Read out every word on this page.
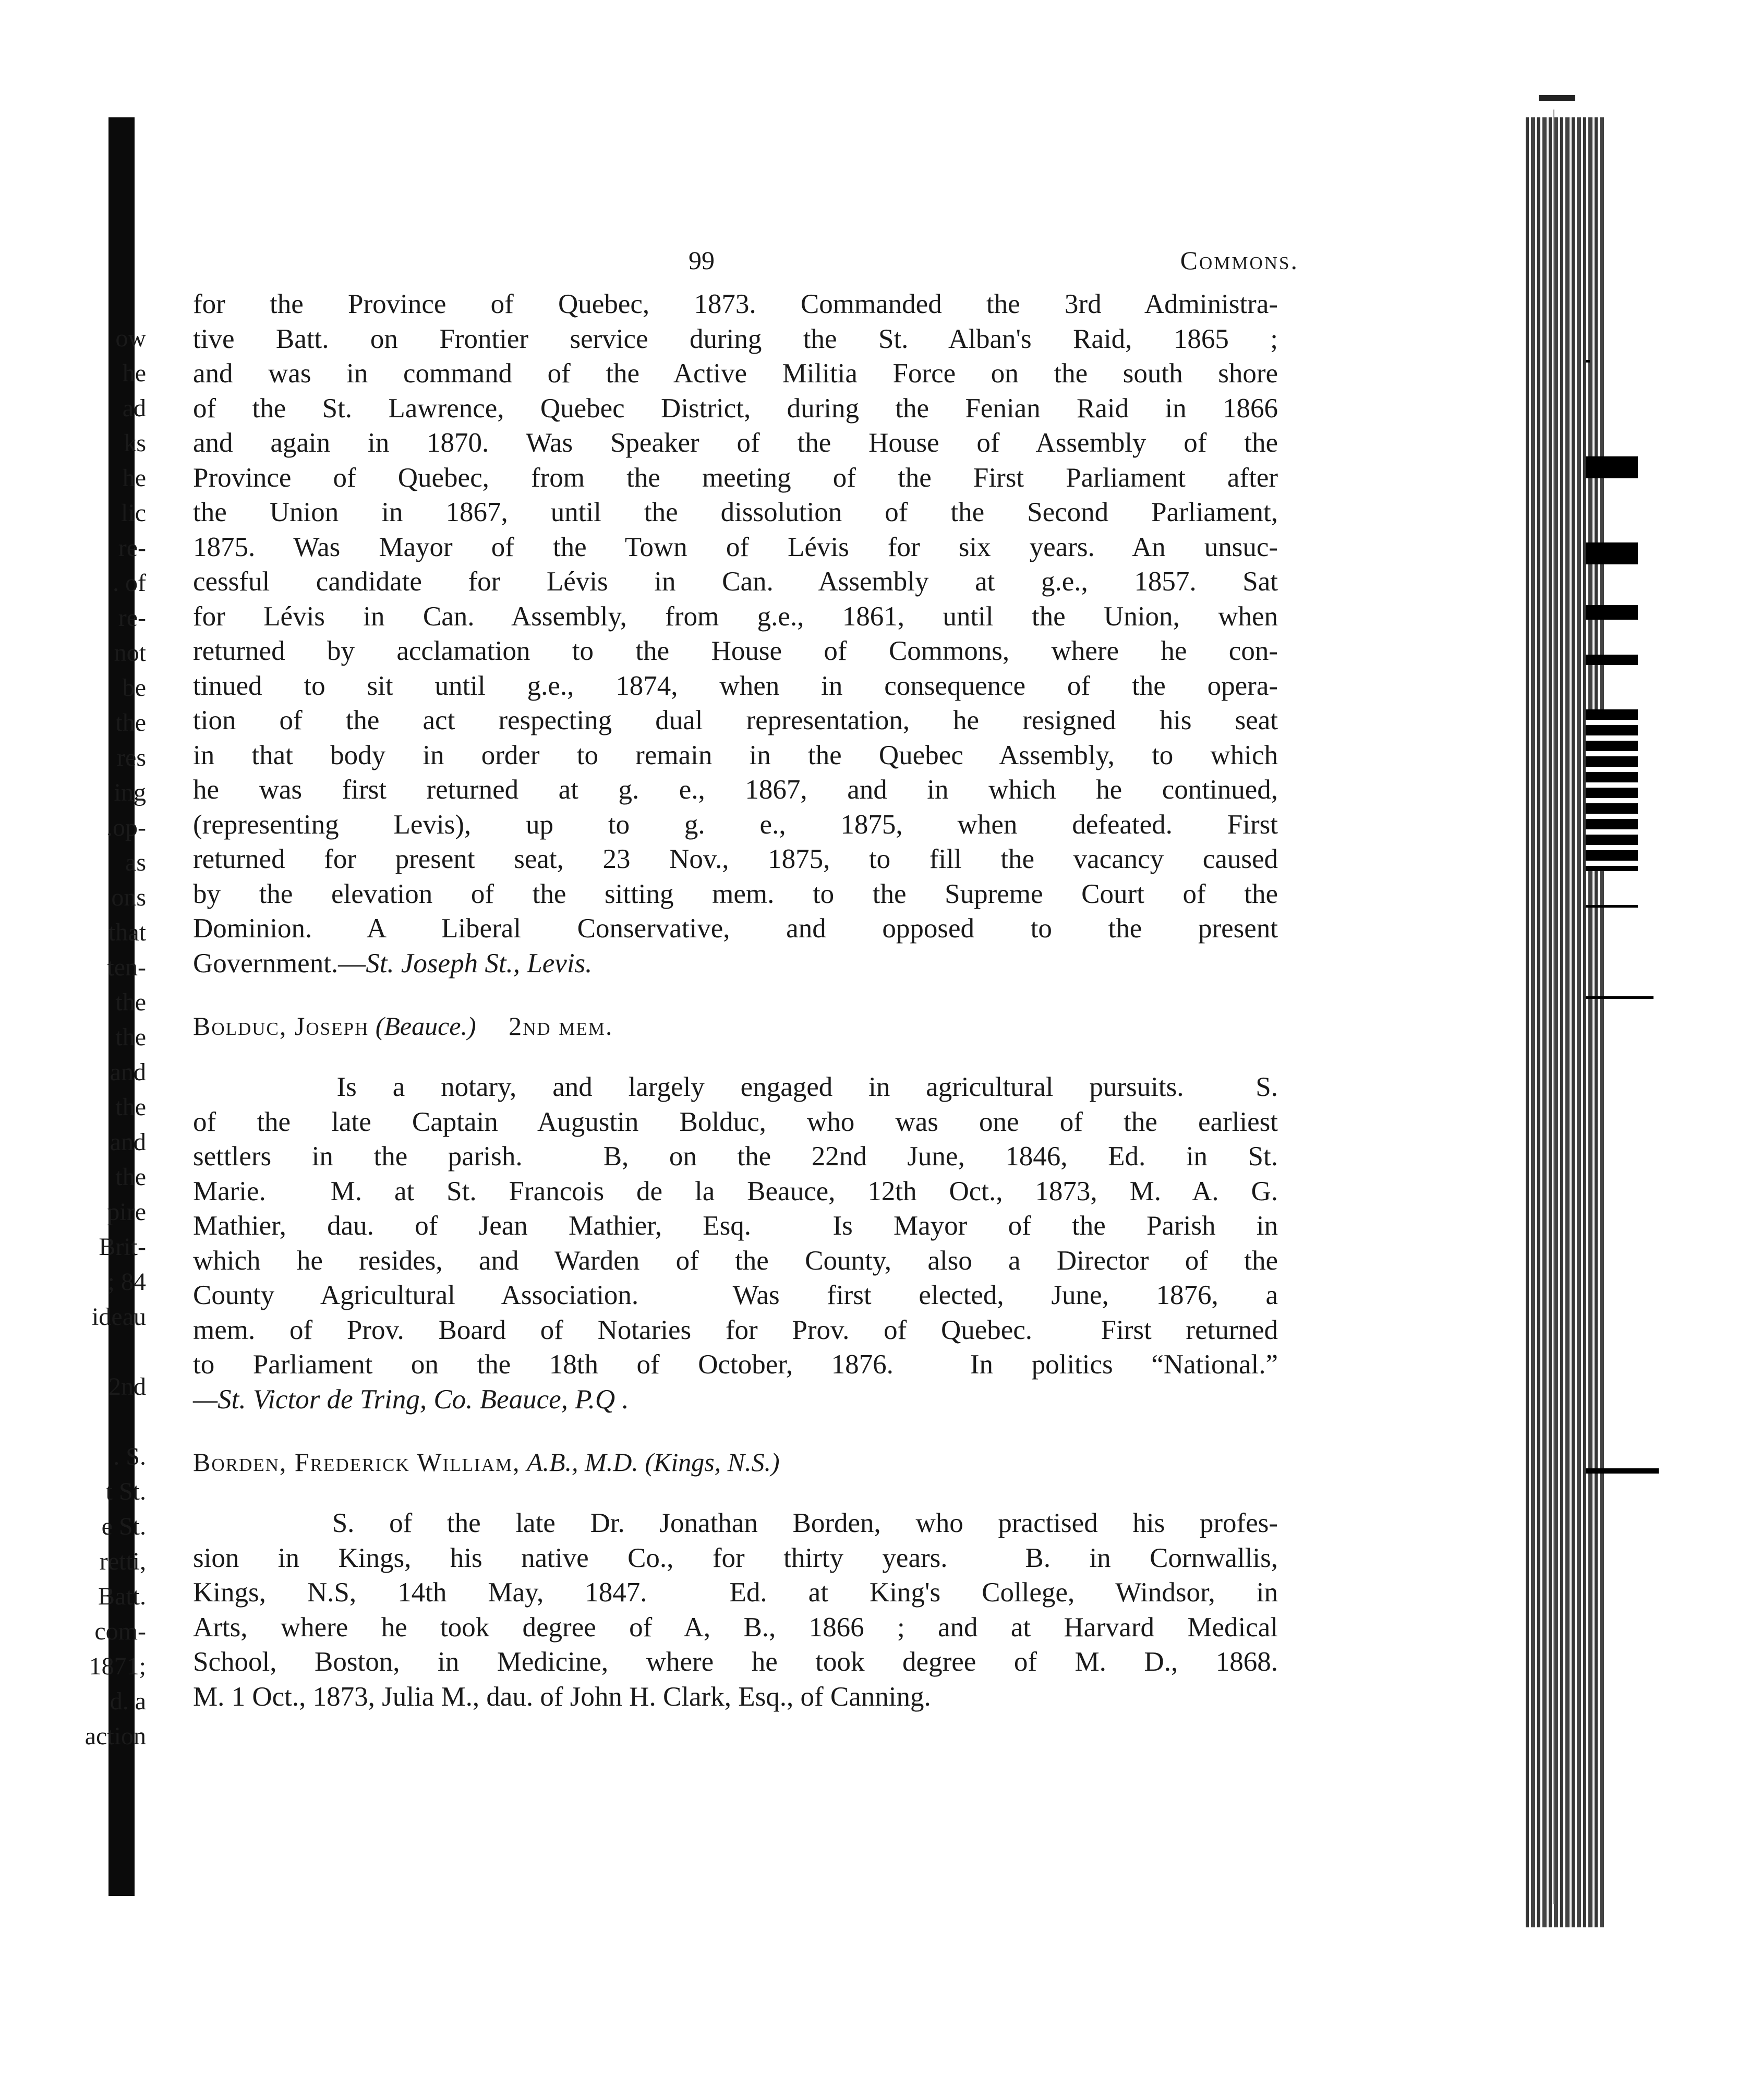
ow
he
ad
ks
he
lic
re-
. of
re-
not
be
the
res
ing
.op-
as
ons
that
ten-
the
the
and
the
and
the
pire
Brit-
; 84
ideau
2nd
. S.
t St.
e St.
retti,
Batt.
com-
1871;
d. a
action
99	Commons.

for the Province of Quebec, 1873. Commanded the 3rd Administra-
tive Batt. on Frontier service during the St. Alban's Raid, 1865 ;
and was in command of the Active Militia Force on the south shore
of the St. Lawrence, Quebec District, during the Fenian Raid in 1866
and again in 1870. Was Speaker of the House of Assembly of the
Province of Quebec, from the meeting of the First Parliament after
the Union in 1867, until the dissolution of the Second Parliament,
1875. Was Mayor of the Town of Lévis for six years. An unsuc-
cessful candidate for Lévis in Can. Assembly at g.e., 1857. Sat
for Lévis in Can. Assembly, from g.e., 1861, until the Union, when
returned by acclamation to the House of Commons, where he con-
tinued to sit until g.e., 1874, when in consequence of the opera-
tion of the act respecting dual representation, he resigned his seat
in that body in order to remain in the Quebec Assembly, to which
he was first returned at g. e., 1867, and in which he continued,
(representing Levis), up to g. e., 1875, when defeated. First
returned for present seat, 23 Nov., 1875, to fill the vacancy caused
by the elevation of the sitting mem. to the Supreme Court of the
Dominion. A Liberal Conservative, and opposed to the present
Government.—St. Joseph St., Levis.

Bolduc, Joseph (Beauce.) 2nd mem.

Is a notary, and largely engaged in agricultural pursuits.  S.
of the late Captain Augustin Bolduc, who was one of the earliest
settlers in the parish.  B, on the 22nd June, 1846, Ed. in St.
Marie.  M. at St. Francois de la Beauce, 12th Oct., 1873, M. A. G.
Mathier, dau. of Jean Mathier, Esq.  Is Mayor of the Parish in
which he resides, and Warden of the County, also a Director of the
County Agricultural Association.  Was first elected, June, 1876, a
mem. of Prov. Board of Notaries for Prov. of Quebec.  First returned
to Parliament on the 18th of October, 1876.  In politics “National.”
—St. Victor de Tring, Co. Beauce, P.Q .

Borden, Frederick William, A.B., M.D. (Kings, N.S.)

S. of the late Dr. Jonathan Borden, who practised his profes-
sion in Kings, his native Co., for thirty years.  B. in Cornwallis,
Kings, N.S, 14th May, 1847.  Ed. at King's College, Windsor, in
Arts, where he took degree of A, B., 1866 ; and at Harvard Medical
School, Boston, in Medicine, where he took degree of M. D., 1868.
M. 1 Oct., 1873, Julia M., dau. of John H. Clark, Esq., of Canning.
